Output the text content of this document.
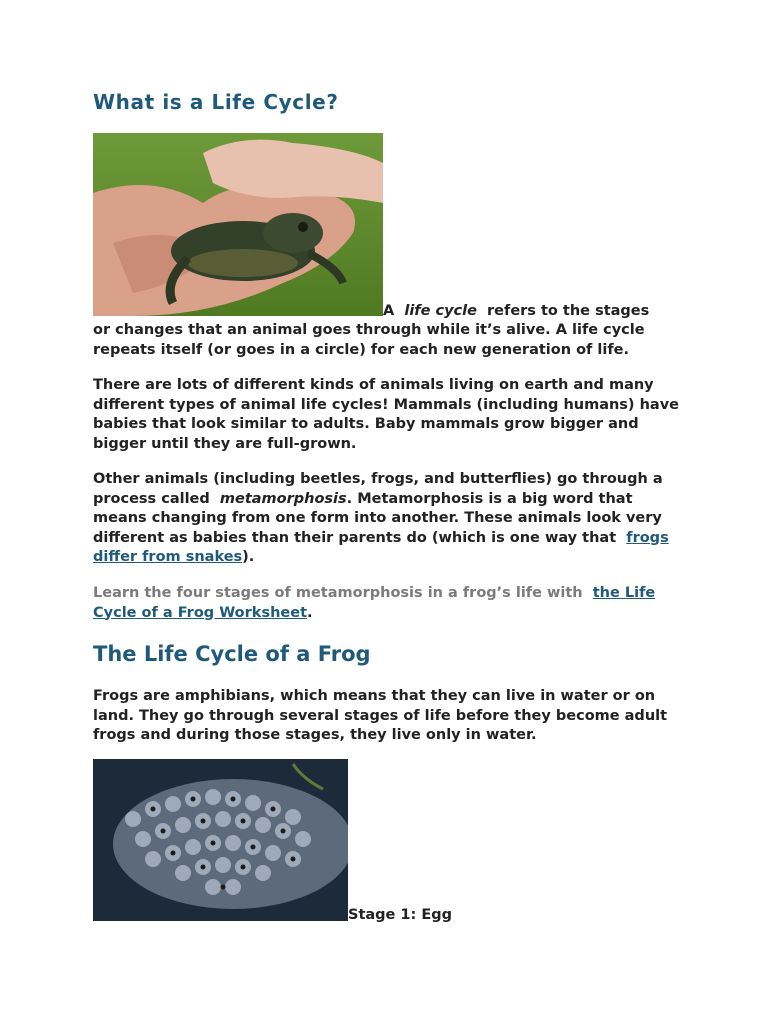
What is a Life Cycle?
A life cycle refers to the stages
or changes that an animal goes through while it’s alive. A life cycle repeats itself (or goes in a circle) for each new generation of life.
There are lots of different kinds of animals living on earth and many different types of animal life cycles! Mammals (including humans) have babies that look similar to adults. Baby mammals grow bigger and bigger until they are full-grown.
Other animals (including beetles, frogs, and butterflies) go through a process called metamorphosis. Metamorphosis is a big word that means changing from one form into another. These animals look very different as babies than their parents do (which is one way that frogs differ from snakes).
Learn the four stages of metamorphosis in a frog’s life with the Life Cycle of a Frog Worksheet.
The Life Cycle of a Frog
Frogs are amphibians, which means that they can live in water or on land. They go through several stages of life before they become adult frogs and during those stages, they live only in water.
Stage 1: Egg
